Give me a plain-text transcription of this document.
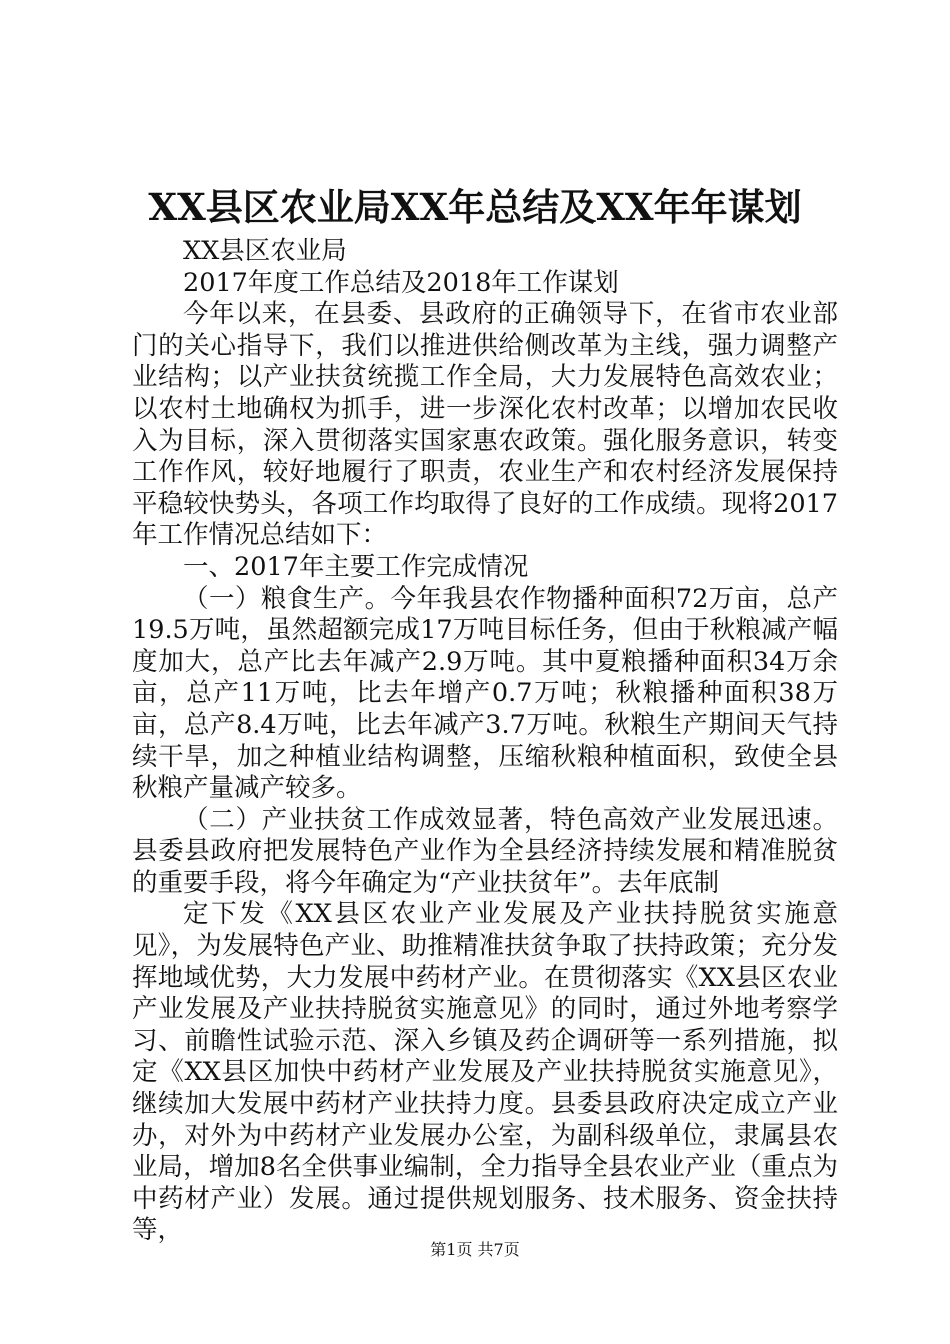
XX县区农业局XX年总结及XX年年谋划

XX县区农业局

2017年度工作总结及2018年工作谋划

今年以来，在县委、县政府的正确领导下，在省市农业部门的关心指导下，我们以推进供给侧改革为主线，强力调整产业结构；以产业扶贫统揽工作全局，大力发展特色高效农业；以农村土地确权为抓手，进一步深化农村改革；以增加农民收入为目标，深入贯彻落实国家惠农政策。强化服务意识，转变工作作风，较好地履行了职责，农业生产和农村经济发展保持平稳较快势头，各项工作均取得了良好的工作成绩。现将2017年工作情况总结如下：

一、2017年主要工作完成情况

（一）粮食生产。今年我县农作物播种面积72万亩，总产19.5万吨，虽然超额完成17万吨目标任务，但由于秋粮减产幅度加大，总产比去年减产2.9万吨。其中夏粮播种面积34万余亩，总产11万吨，比去年增产0.7万吨；秋粮播种面积38万亩，总产8.4万吨，比去年减产3.7万吨。秋粮生产期间天气持续干旱，加之种植业结构调整，压缩秋粮种植面积，致使全县秋粮产量减产较多。

（二）产业扶贫工作成效显著，特色高效产业发展迅速。县委县政府把发展特色产业作为全县经济持续发展和精准脱贫的重要手段，将今年确定为“产业扶贫年”。去年底制

定下发《XX县区农业产业发展及产业扶持脱贫实施意见》，为发展特色产业、助推精准扶贫争取了扶持政策；充分发挥地域优势，大力发展中药材产业。在贯彻落实《XX县区农业产业发展及产业扶持脱贫实施意见》的同时，通过外地考察学习、前瞻性试验示范、深入乡镇及药企调研等一系列措施，拟定《XX县区加快中药材产业发展及产业扶持脱贫实施意见》，继续加大发展中药材产业扶持力度。县委县政府决定成立产业办，对外为中药材产业发展办公室，为副科级单位，隶属县农业局，增加8名全供事业编制，全力指导全县农业产业（重点为中药材产业）发展。通过提供规划服务、技术服务、资金扶持等，

第1页 共7页
